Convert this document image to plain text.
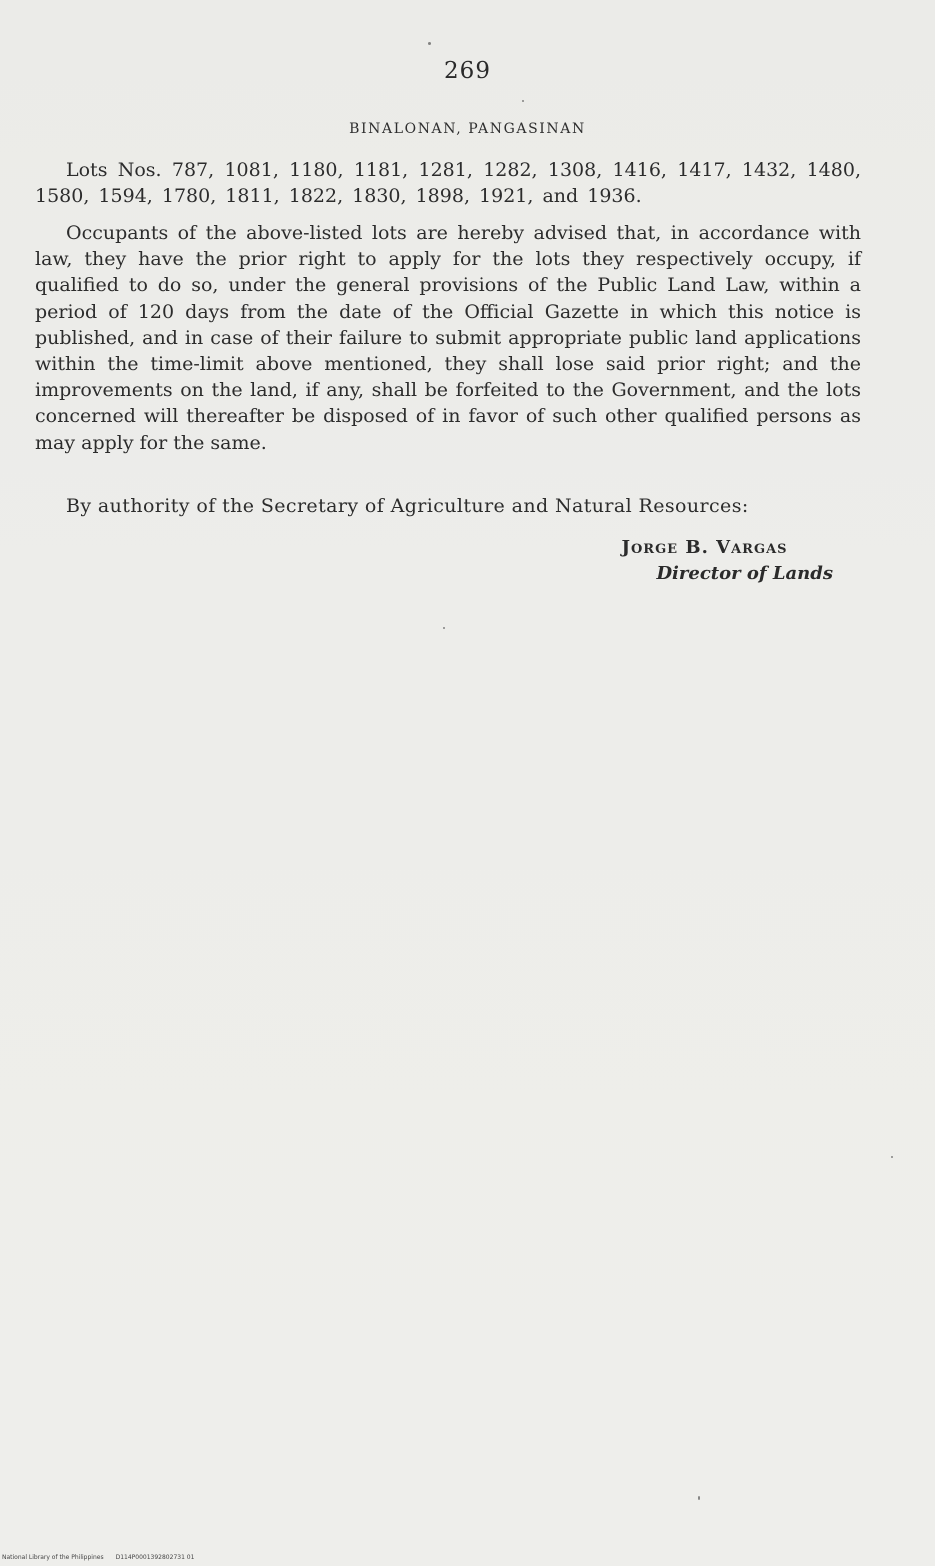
269
BINALONAN, PANGASINAN

Lots Nos. 787, 1081, 1180, 1181, 1281, 1282, 1308, 1416, 1417, 1432, 1480, 1580, 1594, 1780, 1811, 1822, 1830, 1898, 1921, and 1936.

Occupants of the above-listed lots are hereby advised that, in accordance with law, they have the prior right to apply for the lots they respectively occupy, if qualified to do so, under the general provisions of the Public Land Law, within a period of 120 days from the date of the Official Gazette in which this notice is published, and in case of their failure to submit appropriate public land applications within the time-limit above mentioned, they shall lose said prior right; and the improvements on the land, if any, shall be forfeited to the Government, and the lots concerned will thereafter be disposed of in favor of such other qualified persons as may apply for the same.

By authority of the Secretary of Agriculture and Natural Resources:

Jorge B. Vargas
Director of Lands
National Library of the Philippines D114P0001392802731 01
